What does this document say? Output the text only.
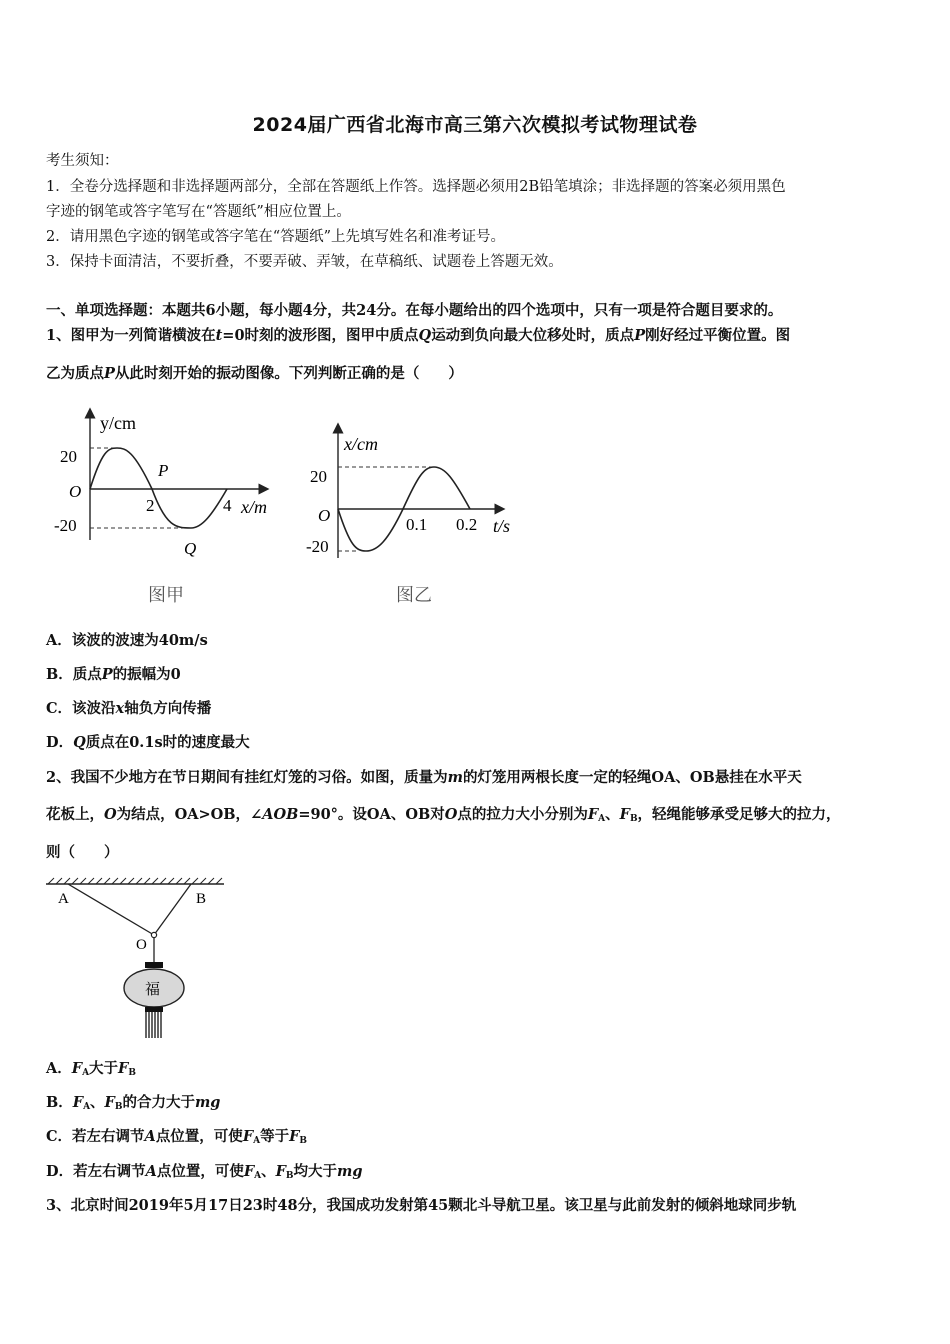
2024届广西省北海市高三第六次模拟考试物理试卷
考生须知：
1．全卷分选择题和非选择题两部分，全部在答题纸上作答。选择题必须用2B铅笔填涂；非选择题的答案必须用黑色
字迹的钢笔或答字笔写在“答题纸”相应位置上。
2．请用黑色字迹的钢笔或答字笔在“答题纸”上先填写姓名和准考证号。
3．保持卡面清洁，不要折叠，不要弄破、弄皱，在草稿纸、试题卷上答题无效。
一、单项选择题：本题共6小题，每小题4分，共24分。在每小题给出的四个选项中，只有一项是符合题目要求的。
1、图甲为一列简谐横波在t=0时刻的波形图，图甲中质点Q运动到负向最大位移处时，质点P刚好经过平衡位置。图
乙为质点P从此时刻开始的振动图像。下列判断正确的是（　　）
y/cm
20
O
-20
2	4 x/m
P
Q
图甲
x/cm
20
O
-20
0.1 0.2 t/s
图乙
A．该波的波速为40m/s
B．质点P的振幅为0
C．该波沿x轴负方向传播
D．Q质点在0.1s时的速度最大
2、我国不少地方在节日期间有挂红灯笼的习俗。如图，质量为m的灯笼用两根长度一定的轻绳OA、OB悬挂在水平天
花板上，O为结点，OA>OB，∠AOB=90°。设OA、OB对O点的拉力大小分别为$F_A$、$F_B$，轻绳能够承受足够大的拉力，
则（　　）
A	B
O
福
A．$F_A$大于$F_B$
B．$F_A$、$F_B$的合力大于mg
C．若左右调节A点位置，可使$F_A$等于$F_B$
D．若左右调节A点位置，可使$F_A$、$F_B$均大于mg
3、北京时间2019年5月17日23时48分，我国成功发射第45颗北斗导航卫星。该卫星与此前发射的倾斜地球同步轨
